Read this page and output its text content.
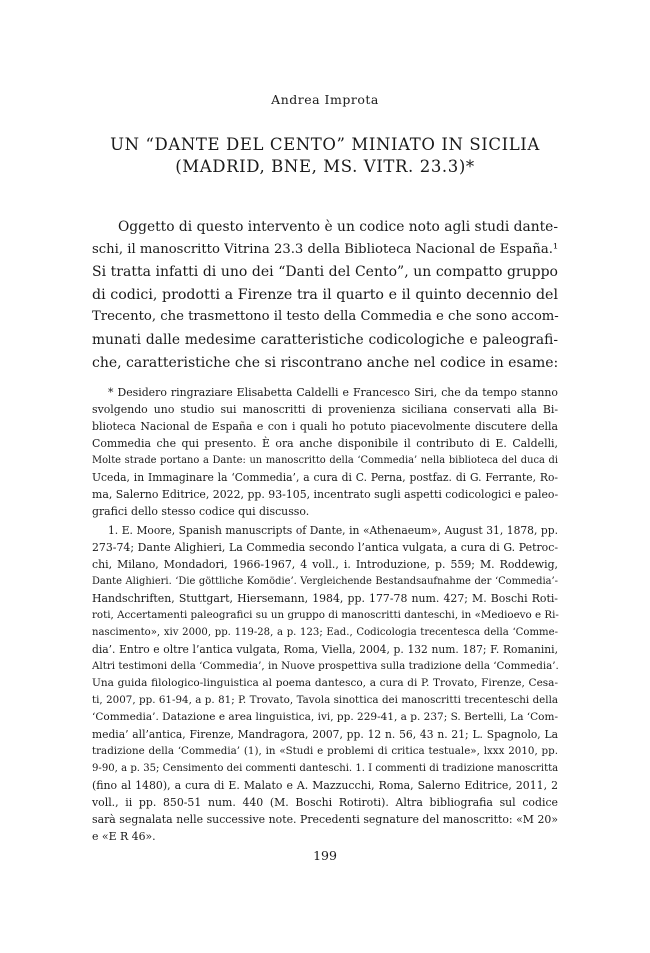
Andrea Improta
UN “DANTE DEL CENTO” MINIATO IN SICILIA
(MADRID, BNE, MS. VITR. 23.3)*
Oggetto di questo intervento è un codice noto agli studi dante-
schi, il manoscritto Vitrina 23.3 della Biblioteca Nacional de España.¹
Si tratta infatti di uno dei “Danti del Cento”, un compatto gruppo
di codici, prodotti a Firenze tra il quarto e il quinto decennio del
Trecento, che trasmettono il testo della Commedia e che sono accom-
munati dalle medesime caratteristiche codicologiche e paleografi-
che, caratteristiche che si riscontrano anche nel codice in esame:
* Desidero ringraziare Elisabetta Caldelli e Francesco Siri, che da tempo stanno
svolgendo uno studio sui manoscritti di provenienza siciliana conservati alla Bi-
blioteca Nacional de España e con i quali ho potuto piacevolmente discutere della
Commedia che qui presento. È ora anche disponibile il contributo di E. Caldelli,
Molte strade portano a Dante: un manoscritto della ‘Commedia’ nella biblioteca del duca di
Uceda, in Immaginare la ‘Commedia’, a cura di C. Perna, postfaz. di G. Ferrante, Ro-
ma, Salerno Editrice, 2022, pp. 93-105, incentrato sugli aspetti codicologici e paleo-
grafici dello stesso codice qui discusso.
1. E. Moore, Spanish manuscripts of Dante, in «Athenaeum», August 31, 1878, pp.
273-74; Dante Alighieri, La Commedia secondo l’antica vulgata, a cura di G. Petroc-
chi, Milano, Mondadori, 1966-1967, 4 voll., i. Introduzione, p. 559; M. Roddewig,
Dante Alighieri. ‘Die göttliche Komödie’. Vergleichende Bestandsaufnahme der ‘Commedia’-
Handschriften, Stuttgart, Hiersemann, 1984, pp. 177-78 num. 427; M. Boschi Roti-
roti, Accertamenti paleografici su un gruppo di manoscritti danteschi, in «Medioevo e Ri-
nascimento», xiv 2000, pp. 119-28, a p. 123; Ead., Codicologia trecentesca della ‘Comme-
dia’. Entro e oltre l’antica vulgata, Roma, Viella, 2004, p. 132 num. 187; F. Romanini,
Altri testimoni della ‘Commedia’, in Nuove prospettiva sulla tradizione della ‘Commedia’.
Una guida filologico-linguistica al poema dantesco, a cura di P. Trovato, Firenze, Cesa-
ti, 2007, pp. 61-94, a p. 81; P. Trovato, Tavola sinottica dei manoscritti trecenteschi della
‘Commedia’. Datazione e area linguistica, ivi, pp. 229-41, a p. 237; S. Bertelli, La ‘Com-
media’ all’antica, Firenze, Mandragora, 2007, pp. 12 n. 56, 43 n. 21; L. Spagnolo, La
tradizione della ‘Commedia’ (1), in «Studi e problemi di critica testuale», lxxx 2010, pp.
9-90, a p. 35; Censimento dei commenti danteschi. 1. I commenti di tradizione manoscritta
(fino al 1480), a cura di E. Malato e A. Mazzucchi, Roma, Salerno Editrice, 2011, 2
voll., ii pp. 850-51 num. 440 (M. Boschi Rotiroti). Altra bibliografia sul codice
sarà segnalata nelle successive note. Precedenti segnature del manoscritto: «M 20»
e «E R 46».
199
